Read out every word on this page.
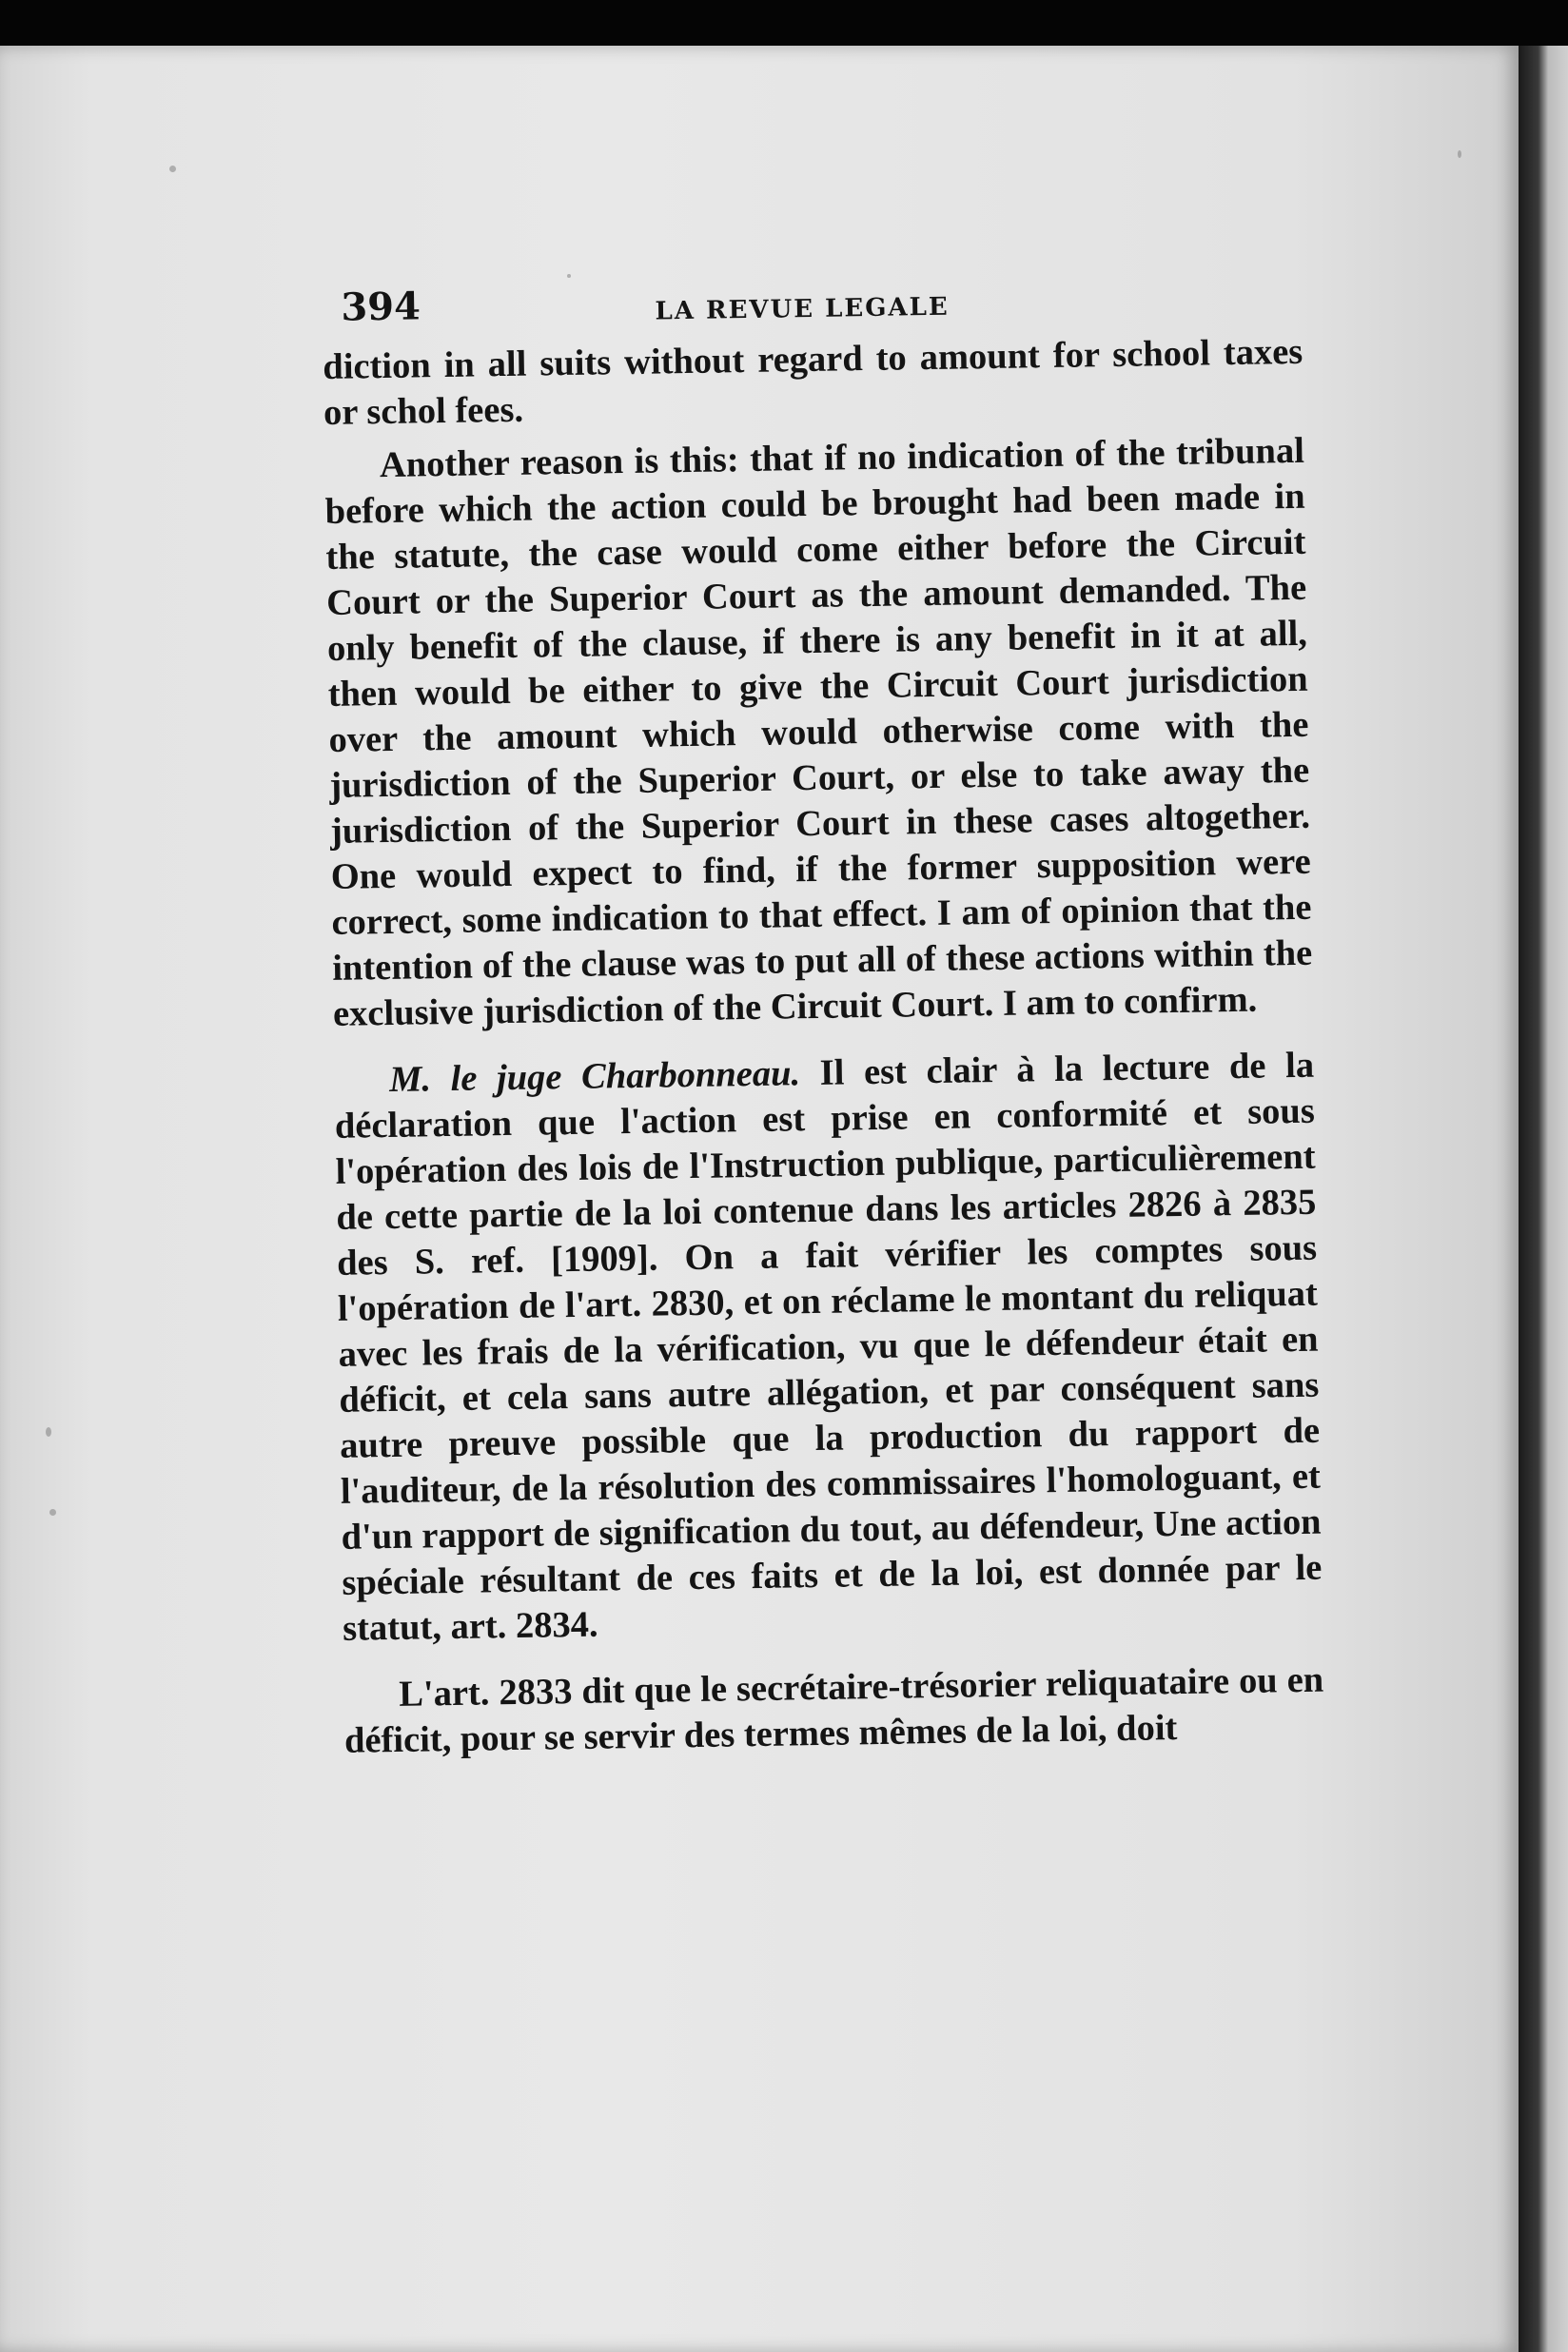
394	LA REVUE LEGALE

diction in all suits without regard to amount for school taxes or schol fees.

Another reason is this: that if no indication of the tribunal before which the action could be brought had been made in the statute, the case would come either before the Circuit Court or the Superior Court as the amount demanded. The only benefit of the clause, if there is any benefit in it at all, then would be either to give the Circuit Court jurisdiction over the amount which would otherwise come with the jurisdiction of the Superior Court, or else to take away the jurisdiction of the Superior Court in these cases altogether. One would expect to find, if the former supposition were correct, some indication to that effect. I am of opinion that the intention of the clause was to put all of these actions within the exclusive jurisdiction of the Circuit Court. I am to confirm.

M. le juge Charbonneau. Il est clair à la lecture de la déclaration que l'action est prise en conformité et sous l'opération des lois de l'Instruction publique, particulièrement de cette partie de la loi contenue dans les articles 2826 à 2835 des S. ref. [1909]. On a fait vérifier les comptes sous l'opération de l'art. 2830, et on réclame le montant du reliquat avec les frais de la vérification, vu que le défendeur était en déficit, et cela sans autre allégation, et par conséquent sans autre preuve possible que la production du rapport de l'auditeur, de la résolution des commissaires l'homologuant, et d'un rapport de signification du tout, au défendeur, Une action spéciale résultant de ces faits et de la loi, est donnée par le statut, art. 2834.

L'art. 2833 dit que le secrétaire-trésorier reliquataire ou en déficit, pour se servir des termes mêmes de la loi, doit
